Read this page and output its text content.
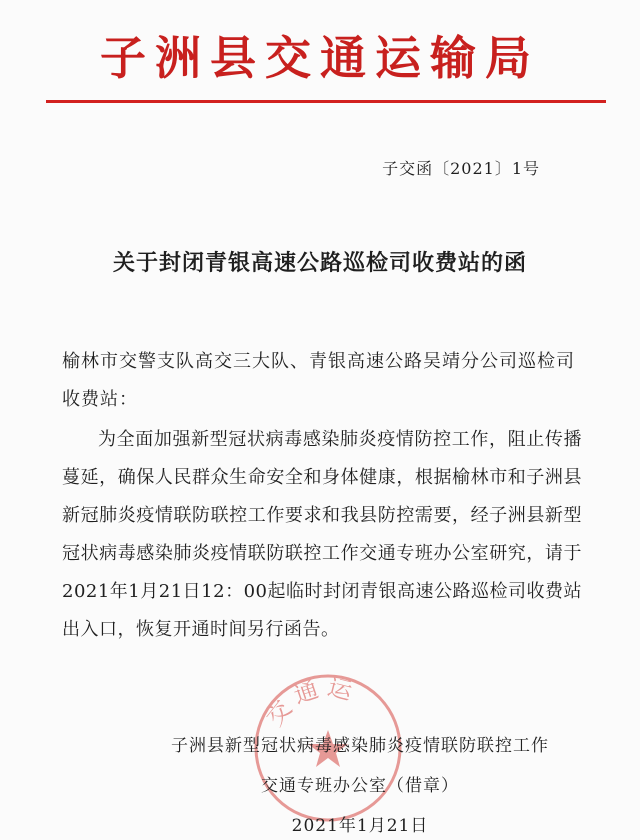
子洲县交通运输局
子交函〔2021〕1号
关于封闭青银高速公路巡检司收费站的函

榆林市交警支队高交三大队、青银高速公路吴靖分公司巡检司收费站：

为全面加强新型冠状病毒感染肺炎疫情防控工作，阻止传播蔓延，确保人民群众生命安全和身体健康，根据榆林市和子洲县新冠肺炎疫情联防联控工作要求和我县防控需要，经子洲县新型冠状病毒感染肺炎疫情联防联控工作交通专班办公室研究，请于2021年1月21日12：00起临时封闭青银高速公路巡检司收费站出入口，恢复开通时间另行函告。

交通运
子洲县新型冠状病毒感染肺炎疫情联防联控工作
交通专班办公室（借章）
2021年1月21日
